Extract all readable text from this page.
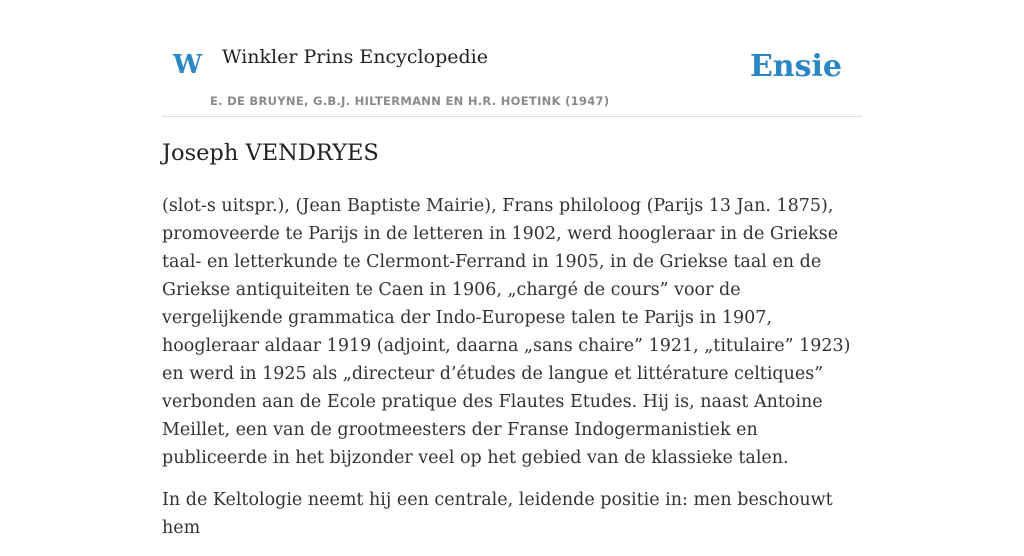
W Winkler Prins Encyclopedie
E. DE BRUYNE, G.B.J. HILTERMANN EN H.R. HOETINK (1947)
Ensie
Joseph VENDRYES

(slot-s uitspr.), (Jean Baptiste Mairie), Frans philoloog (Parijs 13 Jan. 1875), promoveerde te Parijs in de letteren in 1902, werd hoogleraar in de Griekse taal- en letterkunde te Clermont-Ferrand in 1905, in de Griekse taal en de Griekse antiquiteiten te Caen in 1906, „chargé de cours” voor de vergelijkende grammatica der Indo-Europese talen te Parijs in 1907, hoogleraar aldaar 1919 (adjoint, daarna „sans chaire” 1921, „titulaire” 1923) en werd in 1925 als „directeur d’études de langue et littérature celtiques” verbonden aan de Ecole pratique des Flautes Etudes. Hij is, naast Antoine Meillet, een van de grootmeesters der Franse Indogermanistiek en publiceerde in het bijzonder veel op het gebied van de klassieke talen.

In de Keltologie neemt hij een centrale, leidende positie in: men beschouwt hem
